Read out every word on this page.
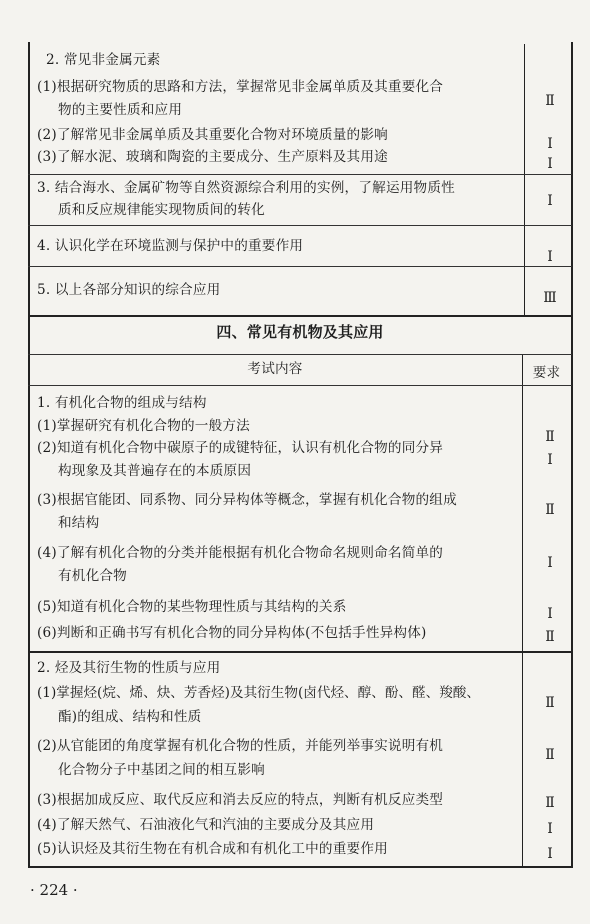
2. 常见非金属元素
(1)根据研究物质的思路和方法，掌握常见非金属单质及其重要化合
物的主要性质和应用
(2)了解常见非金属单质及其重要化合物对环境质量的影响
(3)了解水泥、玻璃和陶瓷的主要成分、生产原料及其用途
Ⅱ
Ⅰ
Ⅰ
3. 结合海水、金属矿物等自然资源综合利用的实例，了解运用物质性
质和反应规律能实现物质间的转化
Ⅰ
4. 认识化学在环境监测与保护中的重要作用
Ⅰ
5. 以上各部分知识的综合应用	Ⅲ
四、常见有机物及其应用
考试内容	要求
1. 有机化合物的组成与结构
(1)掌握研究有机化合物的一般方法
(2)知道有机化合物中碳原子的成键特征，认识有机化合物的同分异
构现象及其普遍存在的本质原因
(3)根据官能团、同系物、同分异构体等概念，掌握有机化合物的组成
和结构
(4)了解有机化合物的分类并能根据有机化合物命名规则命名简单的
有机化合物
(5)知道有机化合物的某些物理性质与其结构的关系
(6)判断和正确书写有机化合物的同分异构体(不包括手性异构体)
Ⅱ
Ⅰ
Ⅱ
Ⅰ
Ⅰ
Ⅱ
2. 烃及其衍生物的性质与应用
(1)掌握烃(烷、烯、炔、芳香烃)及其衍生物(卤代烃、醇、酚、醛、羧酸、
酯)的组成、结构和性质
(2)从官能团的角度掌握有机化合物的性质，并能列举事实说明有机
化合物分子中基团之间的相互影响
(3)根据加成反应、取代反应和消去反应的特点，判断有机反应类型
(4)了解天然气、石油液化气和汽油的主要成分及其应用
(5)认识烃及其衍生物在有机合成和有机化工中的重要作用
Ⅱ
Ⅱ
Ⅱ
Ⅰ
Ⅰ
· 224 ·
